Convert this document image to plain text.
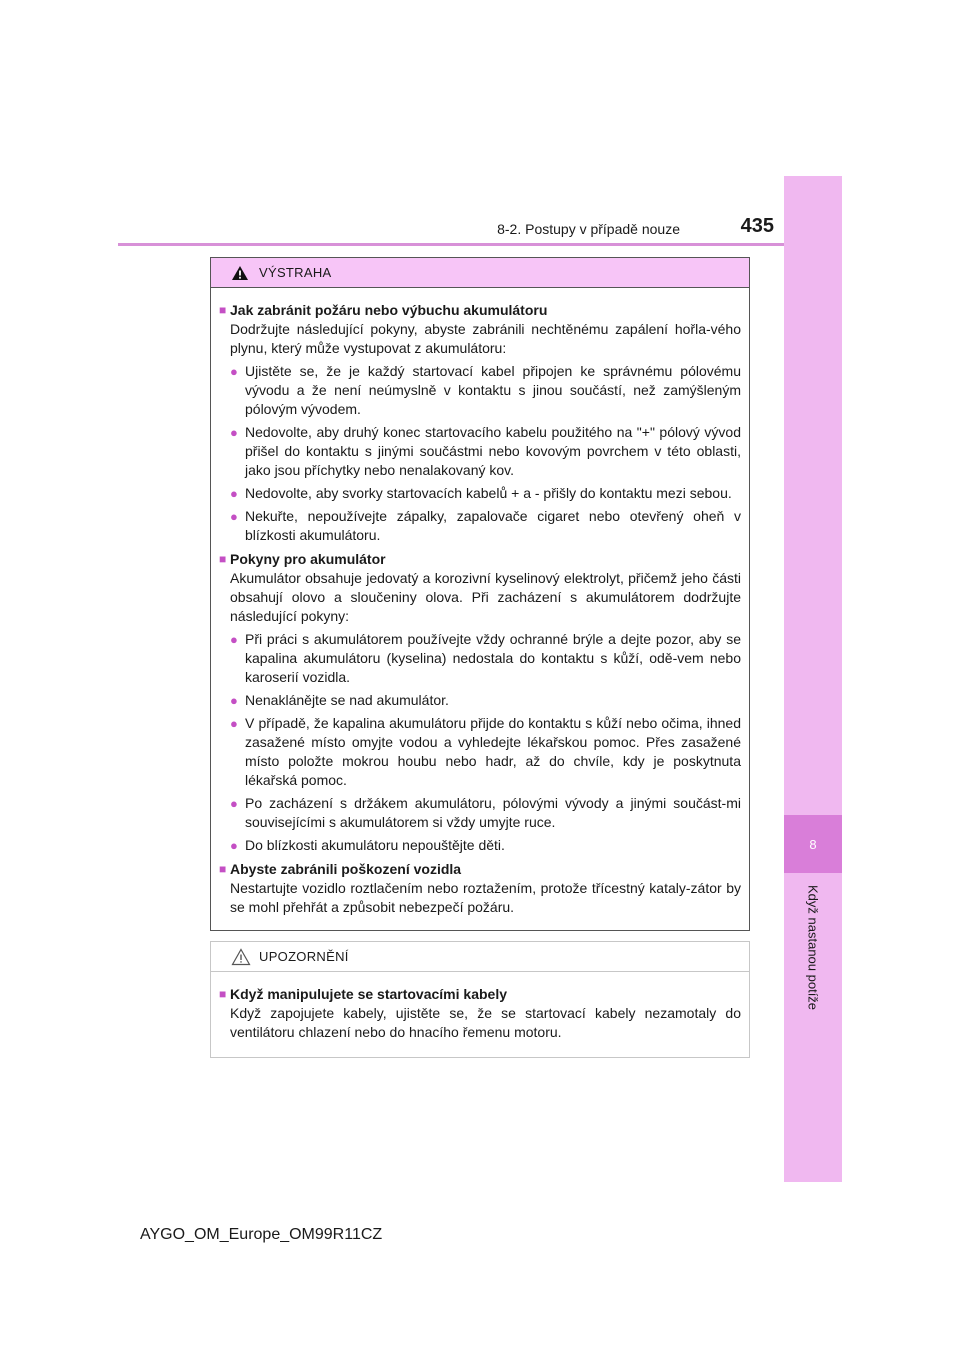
8
Když nastanou potíže
8-2. Postupy v případě nouze	435
VÝSTRAHA
■ Jak zabránit požáru nebo výbuchu akumulátoru
Dodržujte následující pokyny, abyste zabránili nechtěnému zapálení hořla-vého plynu, který může vystupovat z akumulátoru:
● Ujistěte se, že je každý startovací kabel připojen ke správnému pólovému vývodu a že není neúmyslně v kontaktu s jinou součástí, než zamýšleným pólovým vývodem.
● Nedovolte, aby druhý konec startovacího kabelu použitého na "+" pólový vývod přišel do kontaktu s jinými součástmi nebo kovovým povrchem v této oblasti, jako jsou příchytky nebo nenalakovaný kov.
● Nedovolte, aby svorky startovacích kabelů + a - přišly do kontaktu mezi sebou.
● Nekuřte, nepoužívejte zápalky, zapalovače cigaret nebo otevřený oheň v blízkosti akumulátoru.
■ Pokyny pro akumulátor
Akumulátor obsahuje jedovatý a korozivní kyselinový elektrolyt, přičemž jeho části obsahují olovo a sloučeniny olova. Při zacházení s akumulátorem dodržujte následující pokyny:
● Při práci s akumulátorem používejte vždy ochranné brýle a dejte pozor, aby se kapalina akumulátoru (kyselina) nedostala do kontaktu s kůží, odě-vem nebo karoserií vozidla.
● Nenaklánějte se nad akumulátor.
● V případě, že kapalina akumulátoru přijde do kontaktu s kůží nebo očima, ihned zasažené místo omyjte vodou a vyhledejte lékařskou pomoc. Přes zasažené místo položte mokrou houbu nebo hadr, až do chvíle, kdy je poskytnuta lékařská pomoc.
● Po zacházení s držákem akumulátoru, pólovými vývody a jinými součást-mi souvisejícími s akumulátorem si vždy umyjte ruce.
● Do blízkosti akumulátoru nepouštějte děti.
■ Abyste zabránili poškození vozidla
Nestartujte vozidlo roztlačením nebo roztažením, protože třícestný kataly-zátor by se mohl přehřát a způsobit nebezpečí požáru.
UPOZORNĚNÍ
■ Když manipulujete se startovacími kabely
Když zapojujete kabely, ujistěte se, že se startovací kabely nezamotaly do ventilátoru chlazení nebo do hnacího řemenu motoru.
AYGO_OM_Europe_OM99R11CZ
